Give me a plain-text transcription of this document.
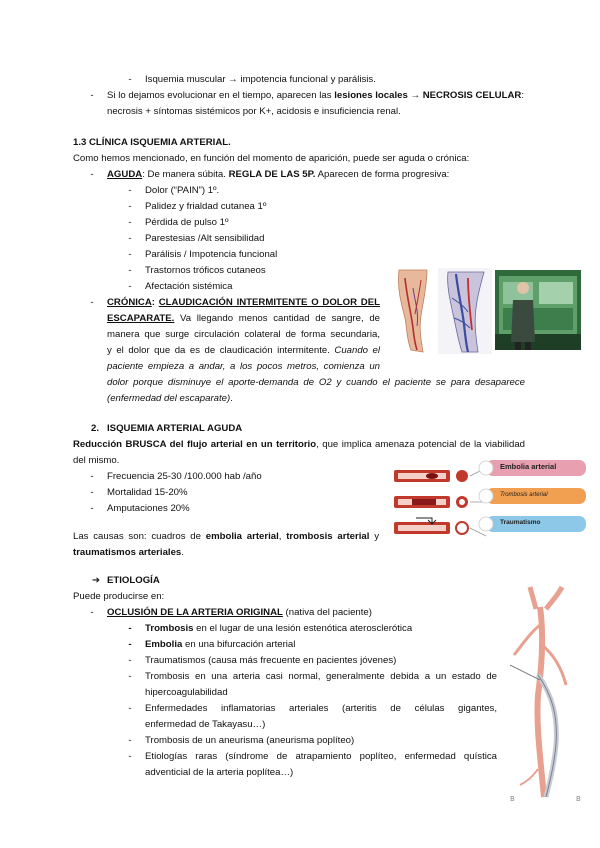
- Isquemia muscular → impotencia funcional y parálisis.
- Si lo dejamos evolucionar en el tiempo, aparecen las lesiones locales → NECROSIS CELULAR:
necrosis + síntomas sistémicos por K+, acidosis e insuficiencia renal.
1.3 CLÍNICA ISQUEMIA ARTERIAL.
Como hemos mencionado, en función del momento de aparición, puede ser aguda o crónica:
- AGUDA: De manera súbita. REGLA DE LAS 5P. Aparecen de forma progresiva:
- Dolor (“PAIN”) 1º.
- Palidez y frialdad cutanea 1º
- Pérdida de pulso 1º
- Parestesias /Alt sensibilidad
- Parálisis / Impotencia funcional
- Trastornos tróficos cutaneos
- Afectación sistémica
- CRÓNICA: CLAUDICACIÓN INTERMITENTE O DOLOR DEL
ESCAPARATE. Va llegando menos cantidad de sangre, de
manera que surge circulación colateral de forma secundaria,
y el dolor que da es de claudicación intermitente. Cuando el
paciente empieza a andar, a los pocos metros, comienza un
dolor porque disminuye el aporte-demanda de O2 y cuando el paciente se para desaparece
(enfermedad del escaparate).
2. ISQUEMIA ARTERIAL AGUDA
Reducción BRUSCA del flujo arterial en un territorio, que implica amenaza potencial de la viabilidad
del mismo.
- Frecuencia 25-30 /100.000 hab /año
- Mortalidad 15-20%
- Amputaciones 20%
Las causas son: cuadros de embolia arterial, trombosis arterial y
traumatismos arteriales.
Embolia arterial
Trombosis arterial
Traumatismo
➔ ETIOLOGÍA
Puede producirse en:
- OCLUSIÓN DE LA ARTERIA ORIGINAL (nativa del paciente)
- Trombosis en el lugar de una lesión estenótica aterosclerótica
- Embolia en una bifurcación arterial
- Traumatismos (causa más frecuente en pacientes jóvenes)
- Trombosis en una arteria casi normal, generalmente debida a un estado de
hipercoagulabilidad
- Enfermedades inflamatorias arteriales (arteritis de células gigantes,
enfermedad de Takayasu…)
- Trombosis de un aneurisma (aneurisma poplíteo)
- Etiologías raras (síndrome de atrapamiento poplíteo, enfermedad quística
adventicial de la arteria poplítea…)
B	B
